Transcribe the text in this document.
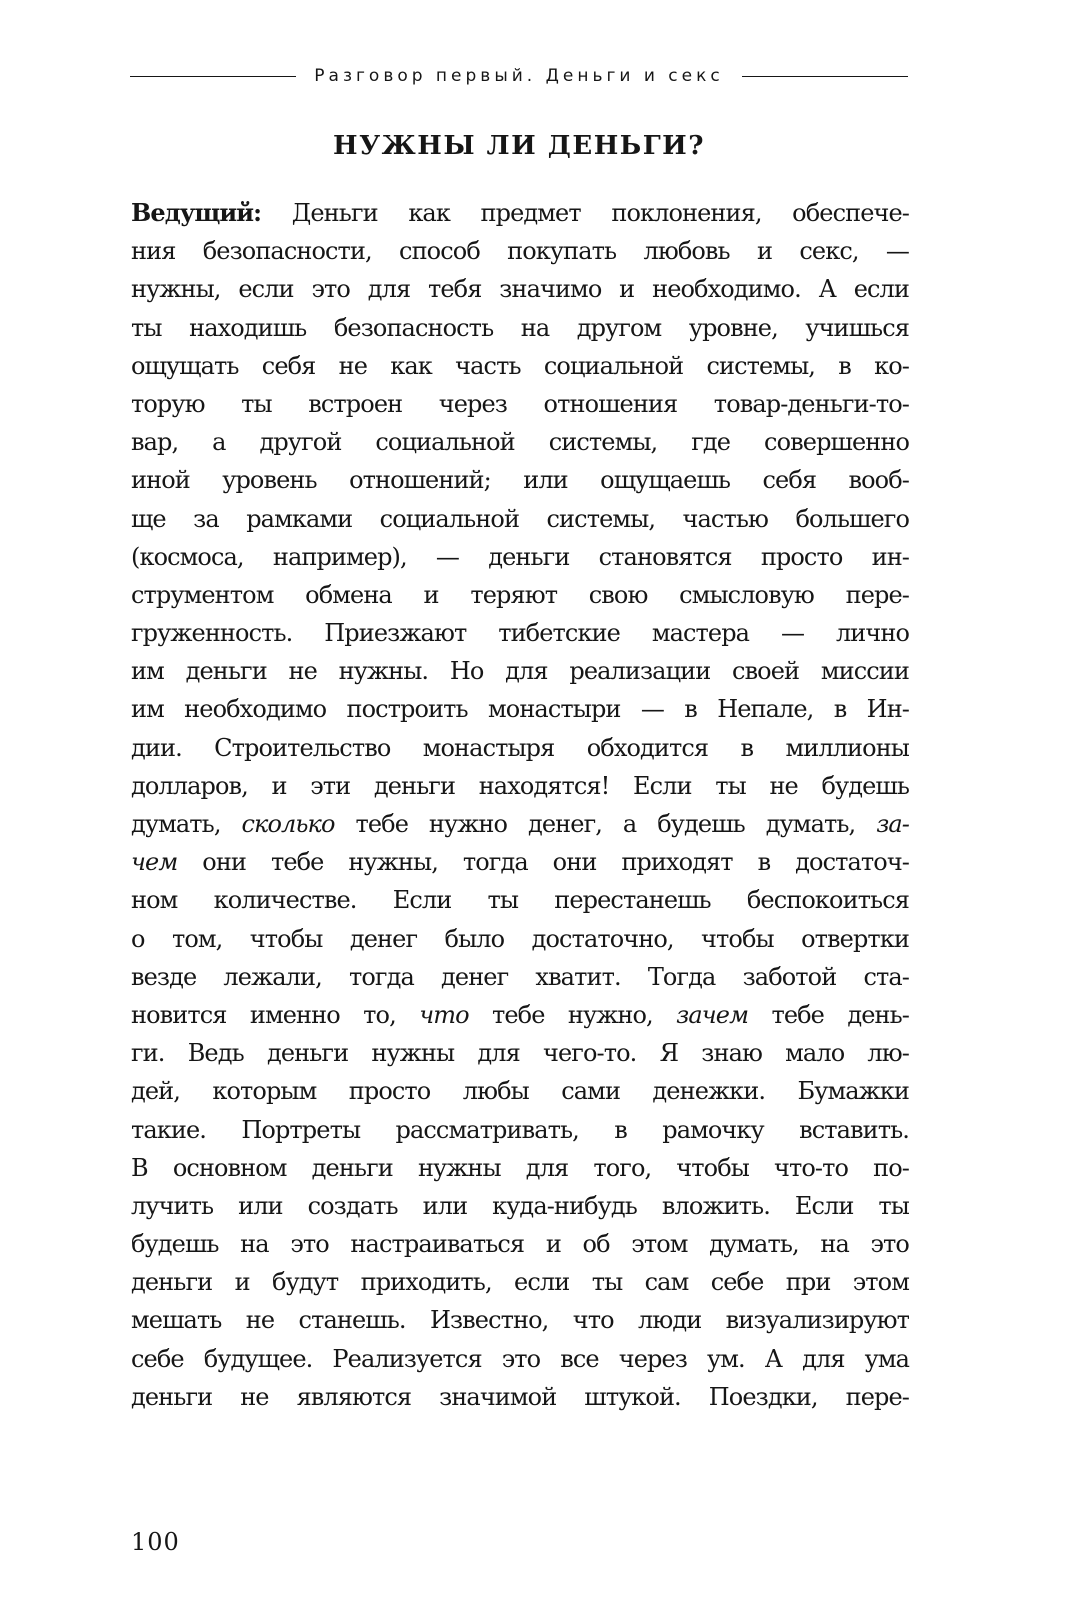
Разговор первый. Деньги и секс
НУЖНЫ ЛИ ДЕНЬГИ?
Ведущий: Деньги как предмет поклонения, обеспече-
ния безопасности, способ покупать любовь и секс, —
нужны, если это для тебя значимо и необходимо. А если
ты находишь безопасность на другом уровне, учишься
ощущать себя не как часть социальной системы, в ко-
торую ты встроен через отношения товар-деньги-то-
вар, а другой социальной системы, где совершенно
иной уровень отношений; или ощущаешь себя вооб-
ще за рамками социальной системы, частью большего
(космоса, например), — деньги становятся просто ин-
струментом обмена и теряют свою смысловую пере-
груженность. Приезжают тибетские мастера — лично
им деньги не нужны. Но для реализации своей миссии
им необходимо построить монастыри — в Непале, в Ин-
дии. Строительство монастыря обходится в миллионы
долларов, и эти деньги находятся! Если ты не будешь
думать, сколько тебе нужно денег, а будешь думать, за-
чем они тебе нужны, тогда они приходят в достаточ-
ном количестве. Если ты перестанешь беспокоиться
о том, чтобы денег было достаточно, чтобы отвертки
везде лежали, тогда денег хватит. Тогда заботой ста-
новится именно то, что тебе нужно, зачем тебе день-
ги. Ведь деньги нужны для чего-то. Я знаю мало лю-
дей, которым просто любы сами денежки. Бумажки
такие. Портреты рассматривать, в рамочку вставить.
В основном деньги нужны для того, чтобы что-то по-
лучить или создать или куда-нибудь вложить. Если ты
будешь на это настраиваться и об этом думать, на это
деньги и будут приходить, если ты сам себе при этом
мешать не станешь. Известно, что люди визуализируют
себе будущее. Реализуется это все через ум. А для ума
деньги не являются значимой штукой. Поездки, пере-
100
